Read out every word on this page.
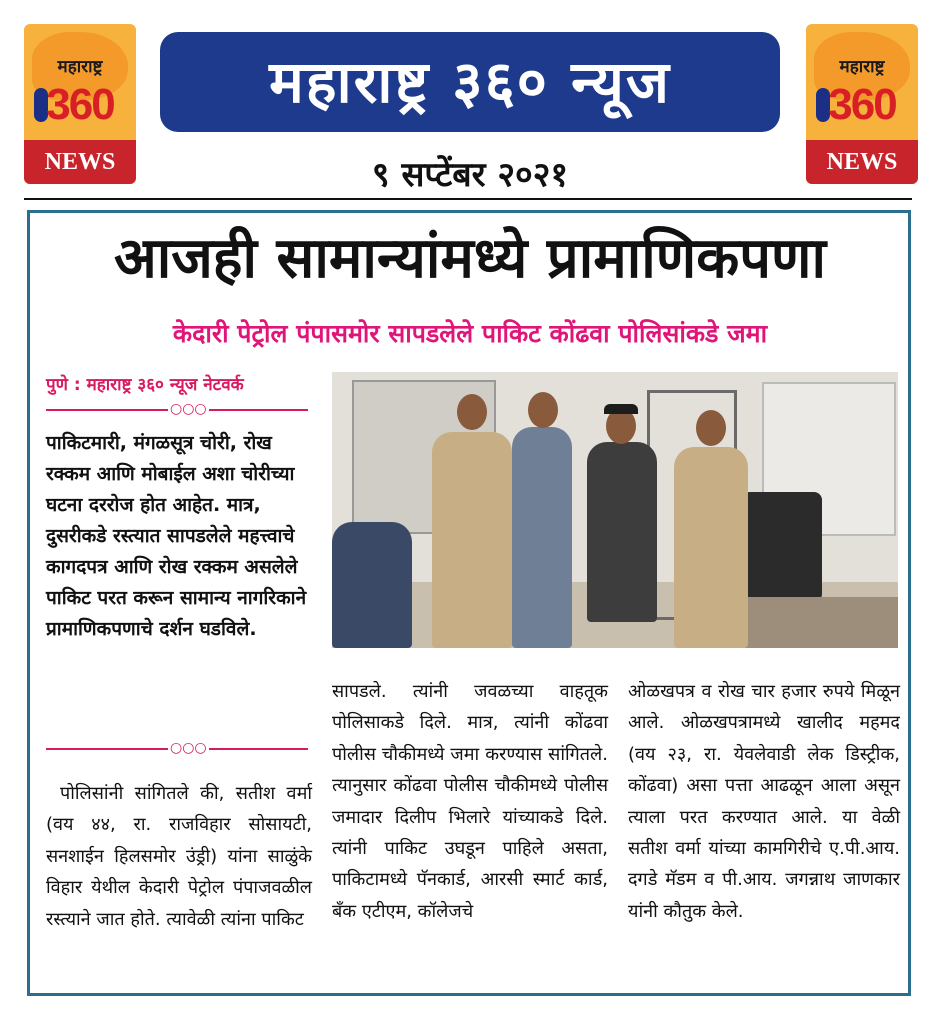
महाराष्ट्र
360
NEWS
महाराष्ट्र ३६० न्यूज
९ सप्टेंबर २०२१
महाराष्ट्र
360
NEWS
आजही सामान्यांमध्ये प्रामाणिकपणा
केदारी पेट्रोल पंपासमोर सापडलेले पाकिट कोंढवा पोलिसांकडे जमा
पुणे : महाराष्ट्र ३६० न्यूज नेटवर्क
○○○
पाकिटमारी, मंगळसूत्र चोरी, रोख रक्कम आणि मोबाईल अशा चोरीच्या घटना दररोज होत आहेत. मात्र, दुसरीकडे रस्त्यात सापडलेले महत्त्वाचे कागदपत्र आणि रोख रक्कम असलेले पाकिट परत करून सामान्य नागरिकाने प्रामाणिकपणाचे दर्शन घडविले.
○○○
पोलिसांनी सांगितले की, सतीश वर्मा (वय ४४, रा. राजविहार सोसायटी, सनशाईन हिलसमोर उंड्री) यांना साळुंके विहार येथील केदारी पेट्रोल पंपाजवळील रस्त्याने जात होते. त्यावेळी त्यांना पाकिट
सापडले. त्यांनी जवळच्या वाहतूक पोलिसाकडे दिले. मात्र, त्यांनी कोंढवा पोलीस चौकीमध्ये जमा करण्यास सांगितले. त्यानुसार कोंढवा पोलीस चौकीमध्ये पोलीस जमादार दिलीप भिलारे यांच्याकडे दिले. त्यांनी पाकिट उघडून पाहिले असता, पाकिटामध्ये पॅनकार्ड, आरसी स्मार्ट कार्ड, बँक एटीएम, कॉलेजचे
ओळखपत्र व रोख चार हजार रुपये मिळून आले. ओळखपत्रामध्ये खालीद महमद (वय २३, रा. येवलेवाडी लेक डिस्ट्रीक, कोंढवा) असा पत्ता आढळून आला असून त्याला परत करण्यात आले. या वेळी सतीश वर्मा यांच्या कामगिरीचे ए.पी.आय. दगडे मॅडम व पी.आय. जगन्नाथ जाणकार यांनी कौतुक केले.
